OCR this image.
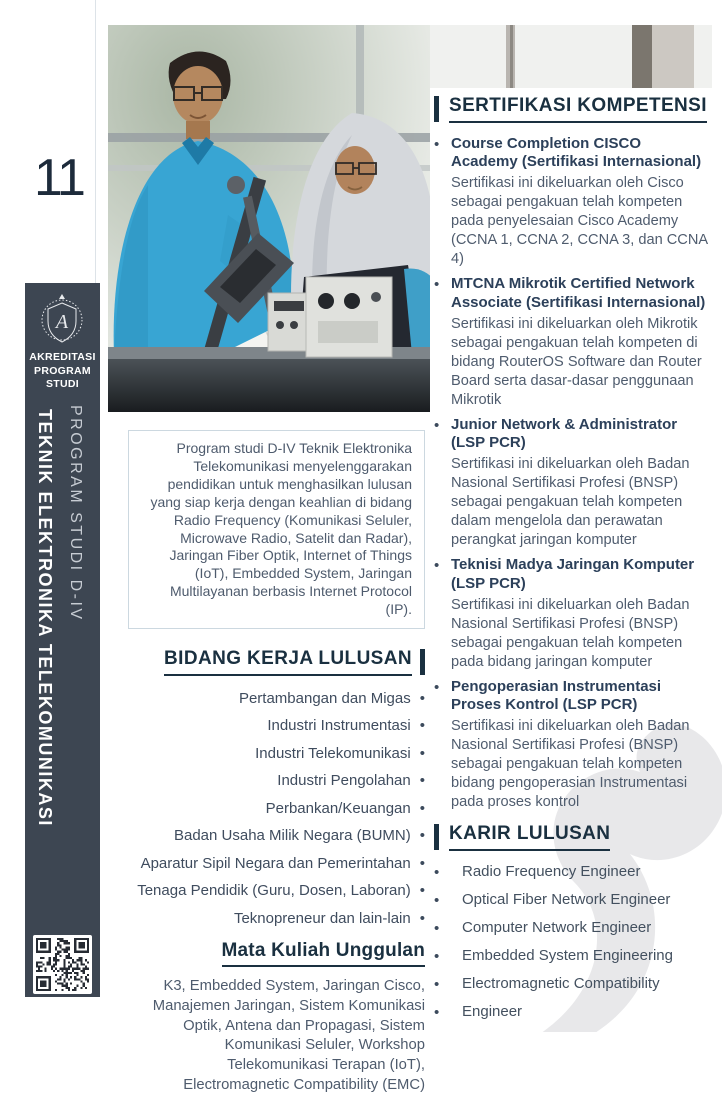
11
A
AKREDITASI
PROGRAM
STUDI
PROGRAM STUDI D-IV
TEKNIK ELEKTRONIKA TELEKOMUNIKASI	Program studi D-IV Teknik Elektronika Telekomunikasi menyelenggarakan pendidikan untuk menghasilkan lulusan yang siap kerja dengan keahlian di bidang Radio Frequency (Komunikasi Seluler, Microwave Radio, Satelit dan Radar), Jaringan Fiber Optik, Internet of Things (IoT), Embedded System, Jaringan Multilayanan berbasis Internet Protocol (IP).
BIDANG KERJA LULUSAN
Pertambangan dan Migas •
Industri Instrumentasi •
Industri Telekomunikasi •
Industri Pengolahan •
Perbankan/Keuangan •
Badan Usaha Milik Negara (BUMN) •
Aparatur Sipil Negara dan Pemerintahan •
Tenaga Pendidik (Guru, Dosen, Laboran) •
Teknopreneur dan lain-lain •
Mata Kuliah Unggulan
K3, Embedded System, Jaringan Cisco, Manajemen Jaringan, Sistem Komunikasi Optik, Antena dan Propagasi, Sistem Komunikasi Seluler, Workshop Telekomunikasi Terapan (IoT), Electromagnetic Compatibility (EMC)
SERTIFIKASI KOMPETENSI
• Course Completion CISCO Academy (Sertifikasi Internasional)
Sertifikasi ini dikeluarkan oleh Cisco sebagai pengakuan telah kompeten pada penyelesaian Cisco Academy (CCNA 1, CCNA 2, CCNA 3, dan CCNA 4)
• MTCNA Mikrotik Certified Network Associate (Sertifikasi Internasional)
Sertifikasi ini dikeluarkan oleh Mikrotik sebagai pengakuan telah kompeten di bidang RouterOS Software dan Router Board serta dasar-dasar penggunaan Mikrotik
• Junior Network & Administrator (LSP PCR)
Sertifikasi ini dikeluarkan oleh Badan Nasional Sertifikasi Profesi (BNSP) sebagai pengakuan telah kompeten dalam mengelola dan perawatan perangkat jaringan komputer
• Teknisi Madya Jaringan Komputer (LSP PCR)
Sertifikasi ini dikeluarkan oleh Badan Nasional Sertifikasi Profesi (BNSP) sebagai pengakuan telah kompeten pada bidang jaringan komputer
• Pengoperasian Instrumentasi Proses Kontrol (LSP PCR)
Sertifikasi ini dikeluarkan oleh Badan Nasional Sertifikasi Profesi (BNSP) sebagai pengakuan telah kompeten bidang pengoperasian Instrumentasi pada proses kontrol
KARIR LULUSAN
•	Radio Frequency Engineer
•	Optical Fiber Network Engineer
•	Computer Network Engineer
•	Embedded System Engineering
•	Electromagnetic Compatibility
•	Engineer
